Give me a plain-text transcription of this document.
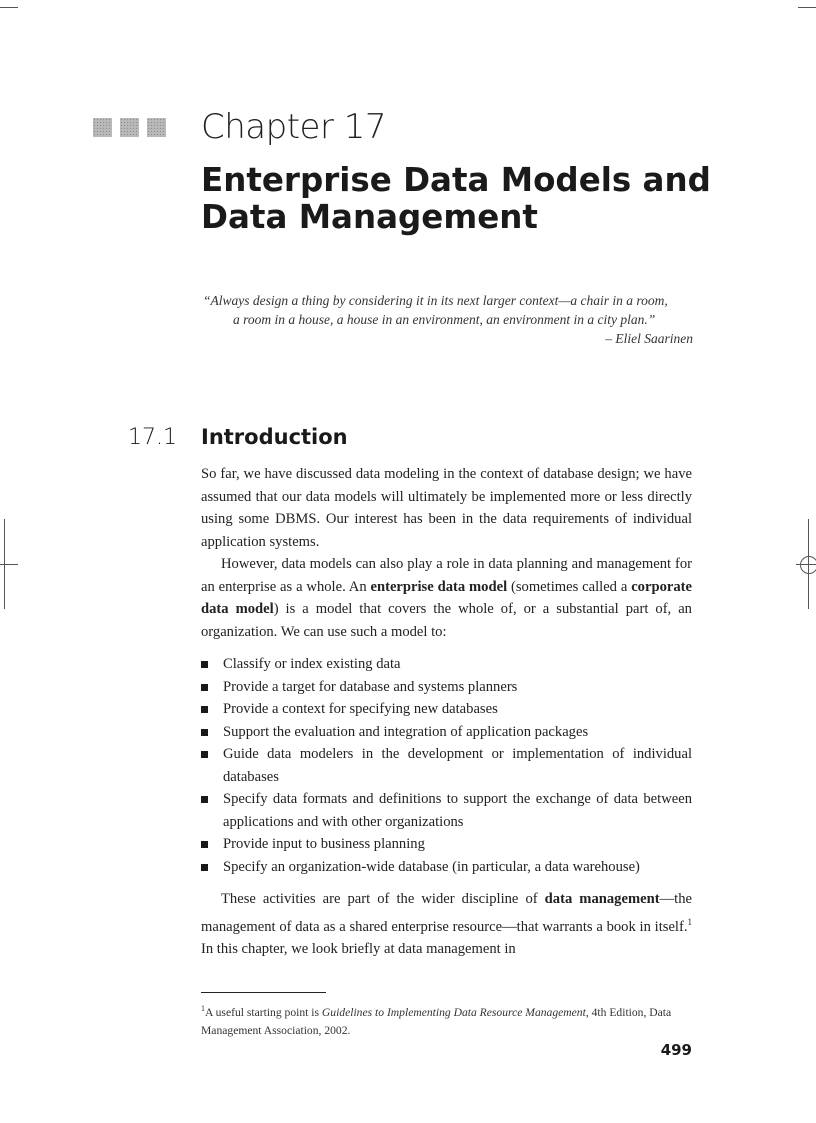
Chapter 17
Enterprise Data Models and Data Management
“Always design a thing by considering it in its next larger context—a chair in a room,
a room in a house, a house in an environment, an environment in a city plan.”
– Eliel Saarinen
17.1 Introduction

So far, we have discussed data modeling in the context of database design; we have assumed that our data models will ultimately be implemented more or less directly using some DBMS. Our interest has been in the data requirements of individual application systems.

However, data models can also play a role in data planning and management for an enterprise as a whole. An enterprise data model (sometimes called a corporate data model) is a model that covers the whole of, or a substantial part of, an organization. We can use such a model to:

Classify or index existing data
Provide a target for database and systems planners
Provide a context for specifying new databases
Support the evaluation and integration of application packages
Guide data modelers in the development or implementation of individual databases
Specify data formats and definitions to support the exchange of data between applications and with other organizations
Provide input to business planning
Specify an organization-wide database (in particular, a data warehouse)

These activities are part of the wider discipline of data management—the management of data as a shared enterprise resource—that warrants a book in itself.$^1$ In this chapter, we look briefly at data management in

$^1$A useful starting point is Guidelines to Implementing Data Resource Management, 4th Edition, Data Management Association, 2002.
499
